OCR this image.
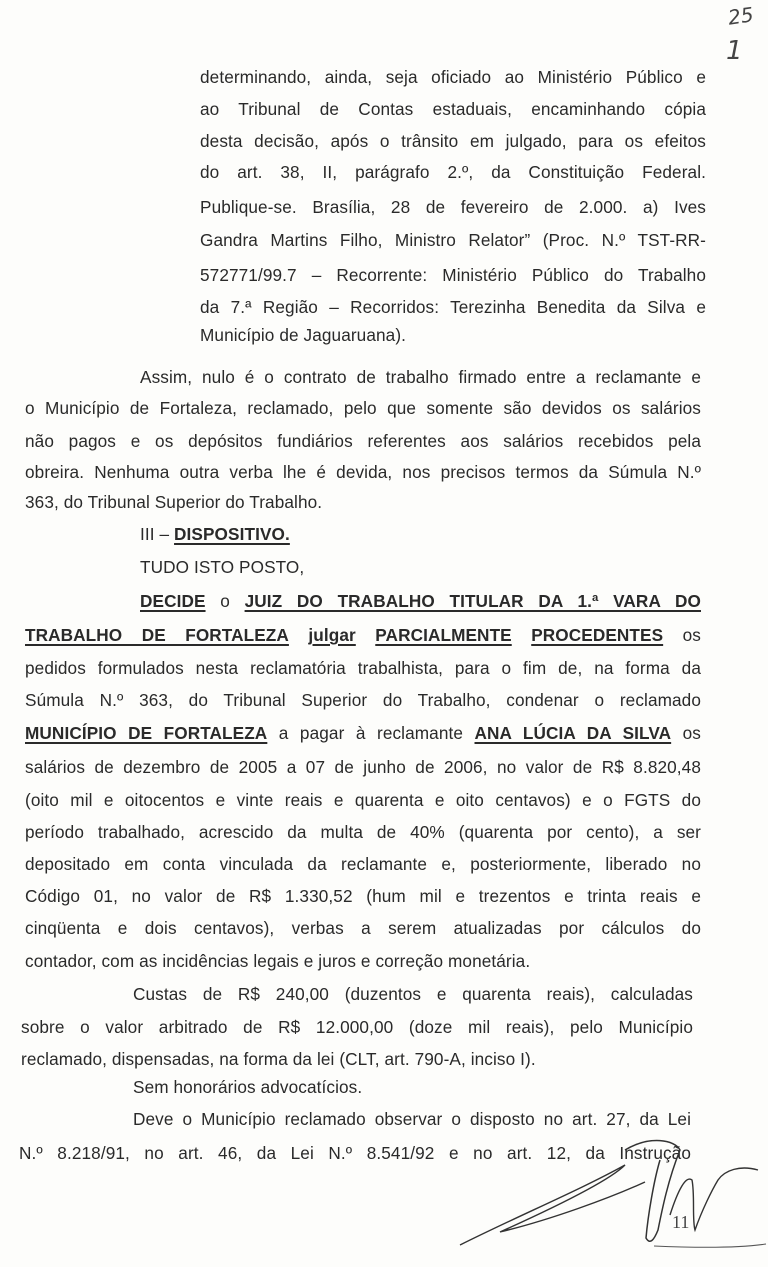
25
1
determinando, ainda, seja oficiado ao Ministério Público e
ao Tribunal de Contas estaduais, encaminhando cópia
desta decisão, após o trânsito em julgado, para os efeitos
do art. 38, II, parágrafo 2.º, da Constituição Federal.
Publique-se. Brasília, 28 de fevereiro de 2.000. a) Ives
Gandra Martins Filho, Ministro Relator” (Proc. N.º TST-RR-
572771/99.7 – Recorrente: Ministério Público do Trabalho
da 7.ª Região – Recorridos: Terezinha Benedita da Silva e
Município de Jaguaruana).
Assim, nulo é o contrato de trabalho firmado entre a reclamante e
o Município de Fortaleza, reclamado, pelo que somente são devidos os salários
não pagos e os depósitos fundiários referentes aos salários recebidos pela
obreira. Nenhuma outra verba lhe é devida, nos precisos termos da Súmula N.º
363, do Tribunal Superior do Trabalho.
III – DISPOSITIVO.
TUDO ISTO POSTO,
DECIDE o JUIZ DO TRABALHO TITULAR DA 1.ª VARA DO
TRABALHO DE FORTALEZA julgar PARCIALMENTE PROCEDENTES os
pedidos formulados nesta reclamatória trabalhista, para o fim de, na forma da
Súmula N.º 363, do Tribunal Superior do Trabalho, condenar o reclamado
MUNICÍPIO DE FORTALEZA a pagar à reclamante ANA LÚCIA DA SILVA os
salários de dezembro de 2005 a 07 de junho de 2006, no valor de R$ 8.820,48
(oito mil e oitocentos e vinte reais e quarenta e oito centavos) e o FGTS do
período trabalhado, acrescido da multa de 40% (quarenta por cento), a ser
depositado em conta vinculada da reclamante e, posteriormente, liberado no
Código 01, no valor de R$ 1.330,52 (hum mil e trezentos e trinta reais e
cinqüenta e dois centavos), verbas a serem atualizadas por cálculos do
contador, com as incidências legais e juros e correção monetária.
Custas de R$ 240,00 (duzentos e quarenta reais), calculadas
sobre o valor arbitrado de R$ 12.000,00 (doze mil reais), pelo Município
reclamado, dispensadas, na forma da lei (CLT, art. 790-A, inciso I).
Sem honorários advocatícios.
Deve o Município reclamado observar o disposto no art. 27, da Lei
N.º 8.218/91, no art. 46, da Lei N.º 8.541/92 e no art. 12, da Instrução
11
